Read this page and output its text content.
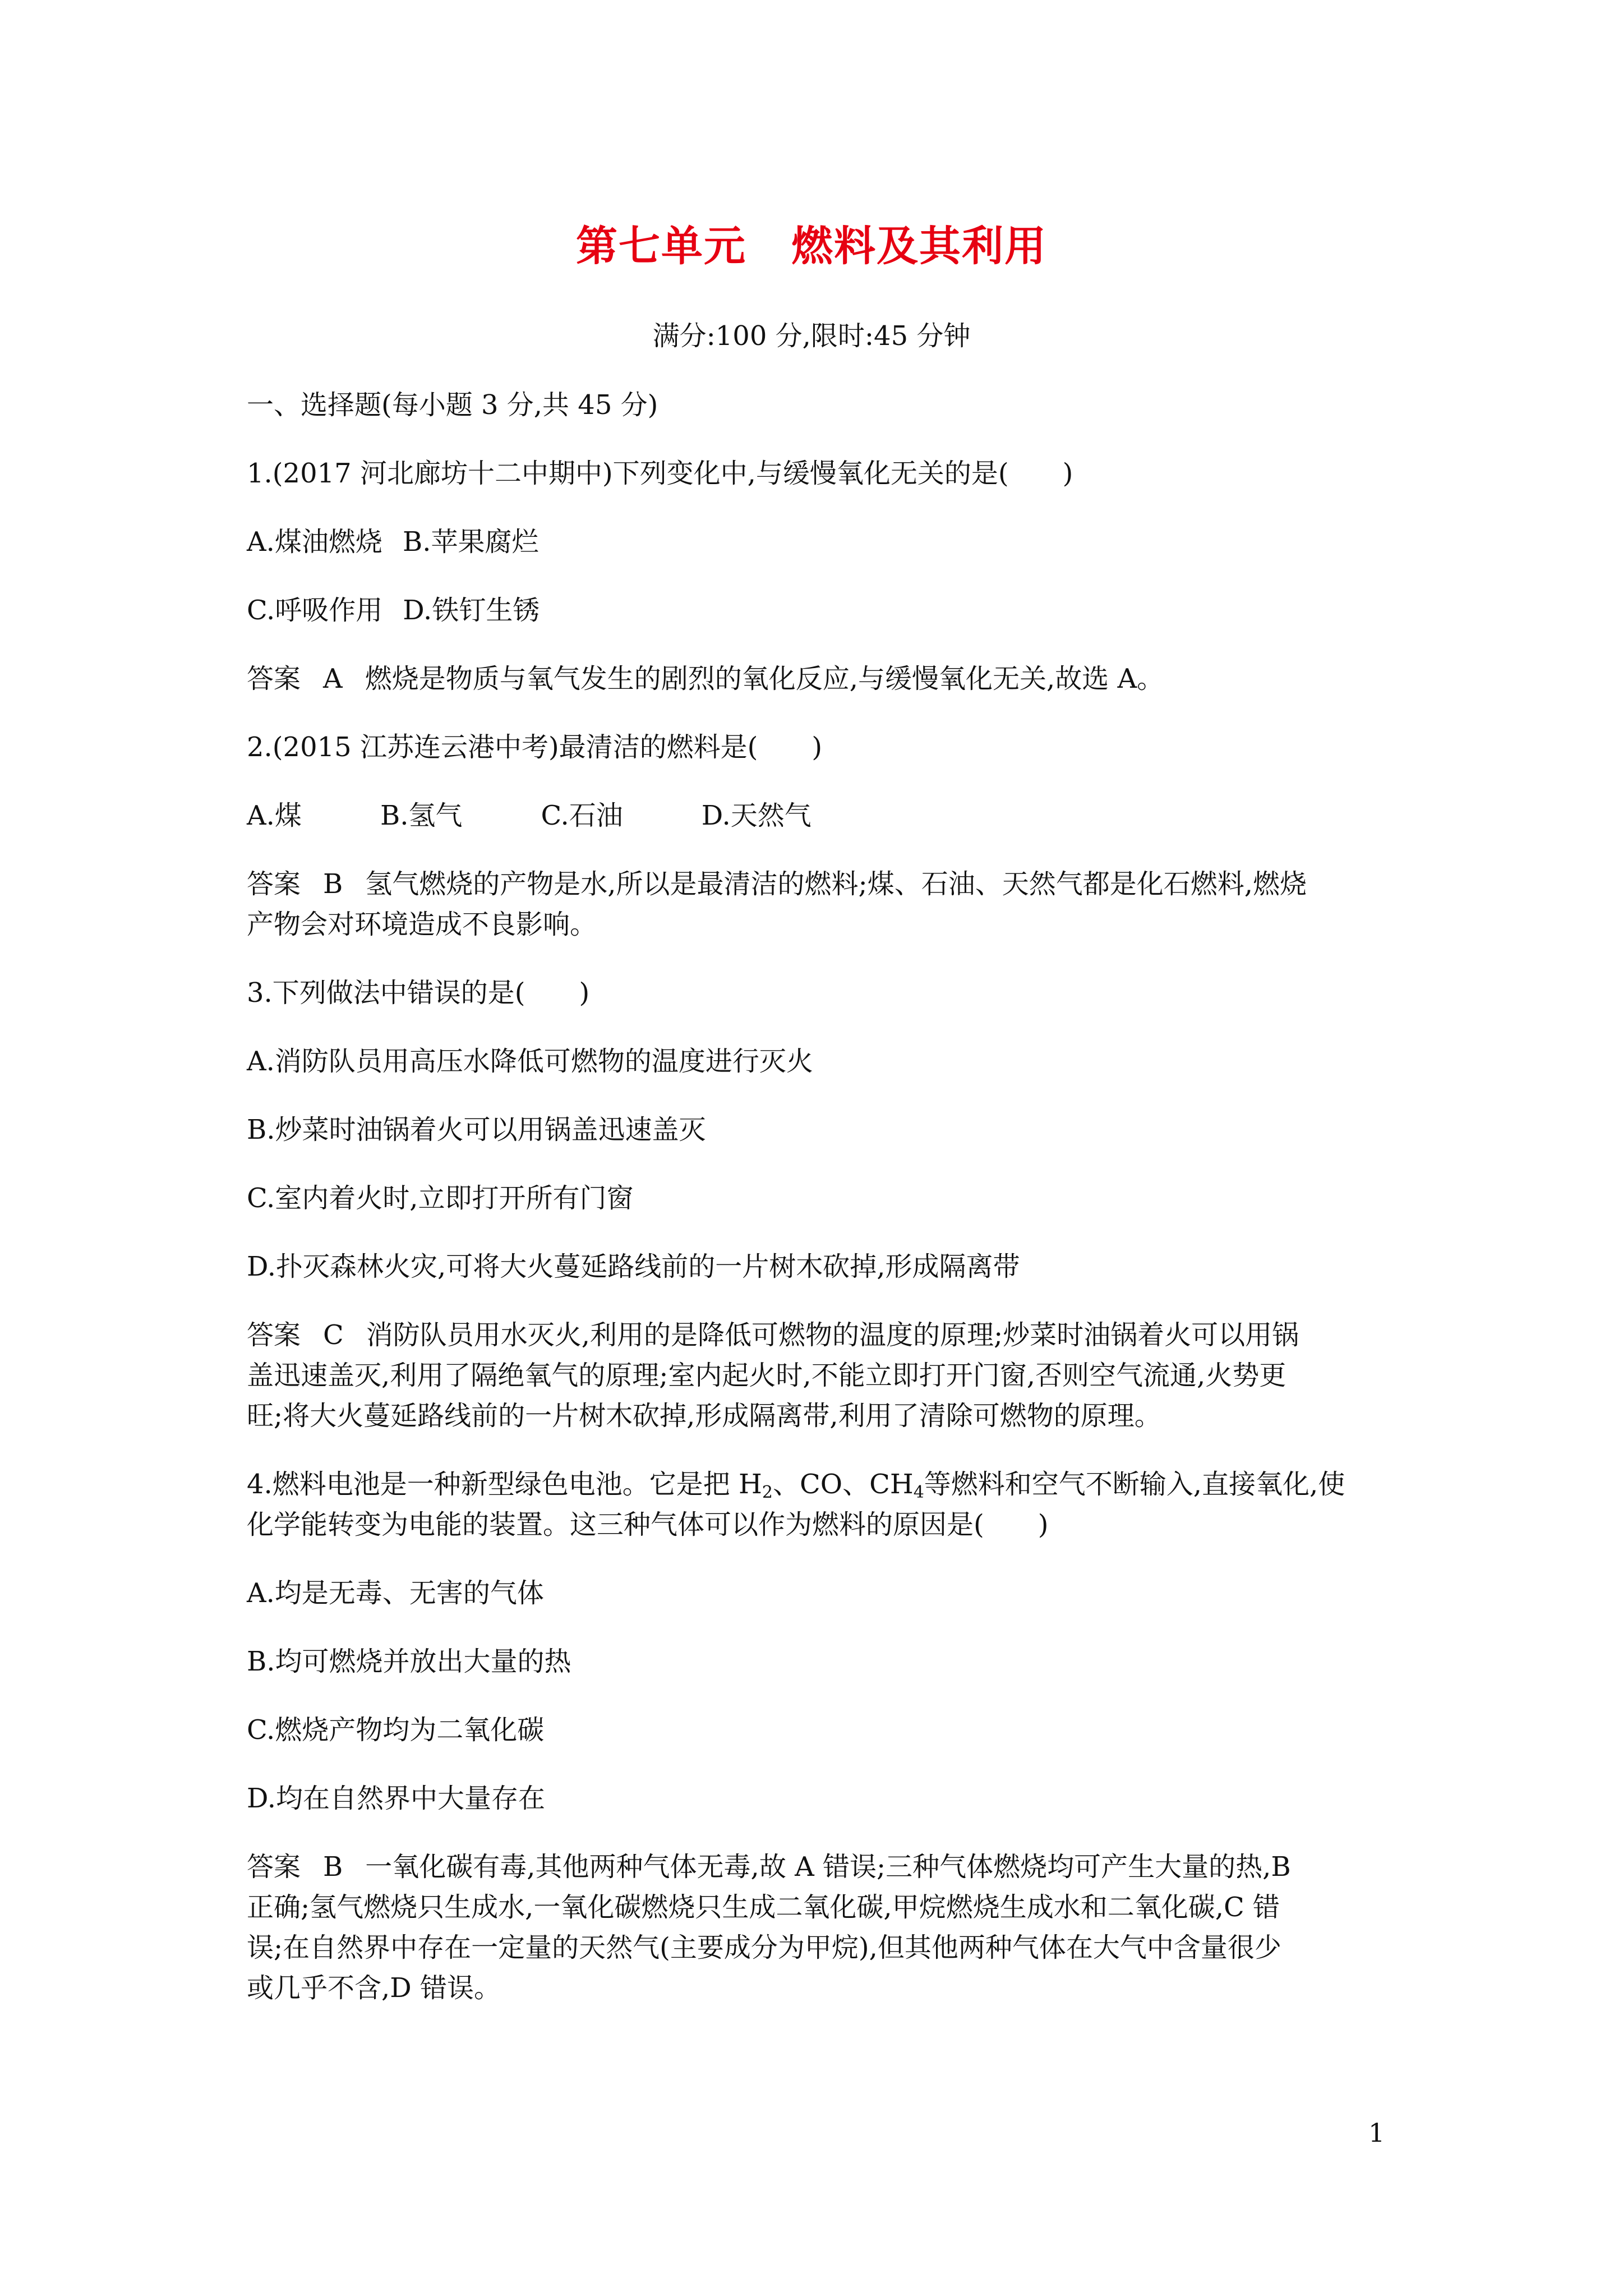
第七单元 燃料及其利用
满分:100 分,限时:45 分钟
一、选择题(每小题 3 分,共 45 分)
1.(2017 河北廊坊十二中期中)下列变化中,与缓慢氧化无关的是(　　)
A.煤油燃烧 B.苹果腐烂
C.呼吸作用 D.铁钉生锈
答案 A 燃烧是物质与氧气发生的剧烈的氧化反应,与缓慢氧化无关,故选 A。
2.(2015 江苏连云港中考)最清洁的燃料是(　　)
A.煤	B.氢气	C.石油	D.天然气
答案 B 氢气燃烧的产物是水,所以是最清洁的燃料;煤、石油、天然气都是化石燃料,燃烧
产物会对环境造成不良影响。
3.下列做法中错误的是(　　)
A.消防队员用高压水降低可燃物的温度进行灭火
B.炒菜时油锅着火可以用锅盖迅速盖灭
C.室内着火时,立即打开所有门窗
D.扑灭森林火灾,可将大火蔓延路线前的一片树木砍掉,形成隔离带
答案 C 消防队员用水灭火,利用的是降低可燃物的温度的原理;炒菜时油锅着火可以用锅
盖迅速盖灭,利用了隔绝氧气的原理;室内起火时,不能立即打开门窗,否则空气流通,火势更
旺;将大火蔓延路线前的一片树木砍掉,形成隔离带,利用了清除可燃物的原理。
4.燃料电池是一种新型绿色电池。它是把 $H_2$、CO、$CH_4$等燃料和空气不断输入,直接氧化,使
化学能转变为电能的装置。这三种气体可以作为燃料的原因是(　　)
A.均是无毒、无害的气体
B.均可燃烧并放出大量的热
C.燃烧产物均为二氧化碳
D.均在自然界中大量存在
答案 B 一氧化碳有毒,其他两种气体无毒,故 A 错误;三种气体燃烧均可产生大量的热,B
正确;氢气燃烧只生成水,一氧化碳燃烧只生成二氧化碳,甲烷燃烧生成水和二氧化碳,C 错
误;在自然界中存在一定量的天然气(主要成分为甲烷),但其他两种气体在大气中含量很少
或几乎不含,D 错误。
1
